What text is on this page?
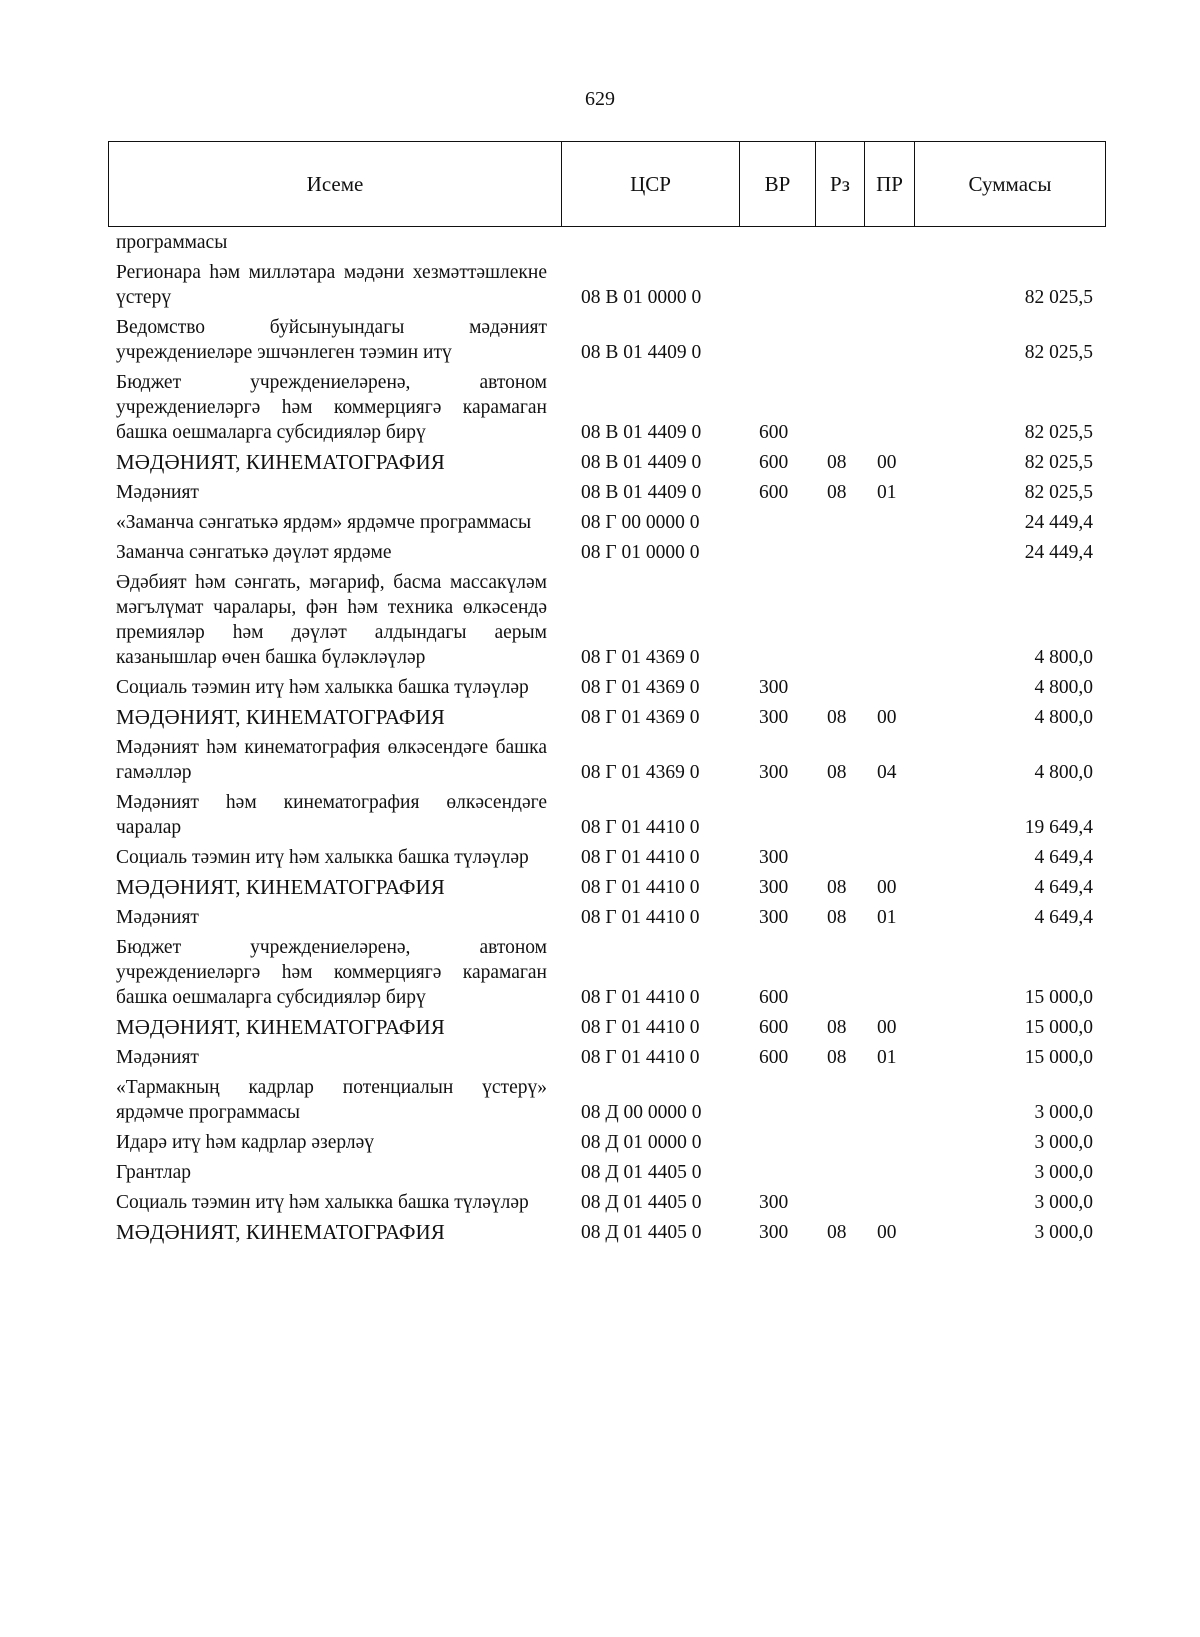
629
Исеме	ЦСР	ВР	Рз	ПР	Суммасы
программасы					
Регионара һәм милләтара мәдәни хезмәттәшлекне үстерү	08 В 01 0000 0				82 025,5
Ведомство буйсынуындагы мәдәният учреждениеләре эшчәнлеген тәэмин итү	08 В 01 4409 0				82 025,5
Бюджет учреждениеләренә, автоном учреждениеләргә һәм коммерциягә карамаган башка оешмаларга субсидияләр бирү	08 В 01 4409 0	600			82 025,5
МӘДӘНИЯТ, КИНЕМАТОГРАФИЯ	08 В 01 4409 0	600	08	00	82 025,5
Мәдәният	08 В 01 4409 0	600	08	01	82 025,5
«Заманча сәнгатькә ярдәм» ярдәмче программасы	08 Г 00 0000 0				24 449,4
Заманча сәнгатькә дәүләт ярдәме	08 Г 01 0000 0				24 449,4
Әдәбият һәм сәнгать, мәгариф, басма массакүләм мәгълүмат чаралары, фән һәм техника өлкәсендә премияләр һәм дәүләт алдындагы аерым казанышлар өчен башка бүләкләүләр	08 Г 01 4369 0				4 800,0
Социаль тәэмин итү һәм халыкка башка түләүләр	08 Г 01 4369 0	300			4 800,0
МӘДӘНИЯТ, КИНЕМАТОГРАФИЯ	08 Г 01 4369 0	300	08	00	4 800,0
Мәдәният һәм кинематография өлкәсендәге башка гамәлләр	08 Г 01 4369 0	300	08	04	4 800,0
Мәдәният һәм кинематография өлкәсендәге чаралар	08 Г 01 4410 0				19 649,4
Социаль тәэмин итү һәм халыкка башка түләүләр	08 Г 01 4410 0	300			4 649,4
МӘДӘНИЯТ, КИНЕМАТОГРАФИЯ	08 Г 01 4410 0	300	08	00	4 649,4
Мәдәният	08 Г 01 4410 0	300	08	01	4 649,4
Бюджет учреждениеләренә, автоном учреждениеләргә һәм коммерциягә карамаган башка оешмаларга субсидияләр бирү	08 Г 01 4410 0	600			15 000,0
МӘДӘНИЯТ, КИНЕМАТОГРАФИЯ	08 Г 01 4410 0	600	08	00	15 000,0
Мәдәният	08 Г 01 4410 0	600	08	01	15 000,0
«Тармакның кадрлар потенциалын үстерү» ярдәмче программасы	08 Д 00 0000 0				3 000,0
Идарә итү һәм кадрлар әзерләү	08 Д 01 0000 0				3 000,0
Грантлар	08 Д 01 4405 0				3 000,0
Социаль тәэмин итү һәм халыкка башка түләүләр	08 Д 01 4405 0	300			3 000,0
МӘДӘНИЯТ, КИНЕМАТОГРАФИЯ	08 Д 01 4405 0	300	08	00	3 000,0
